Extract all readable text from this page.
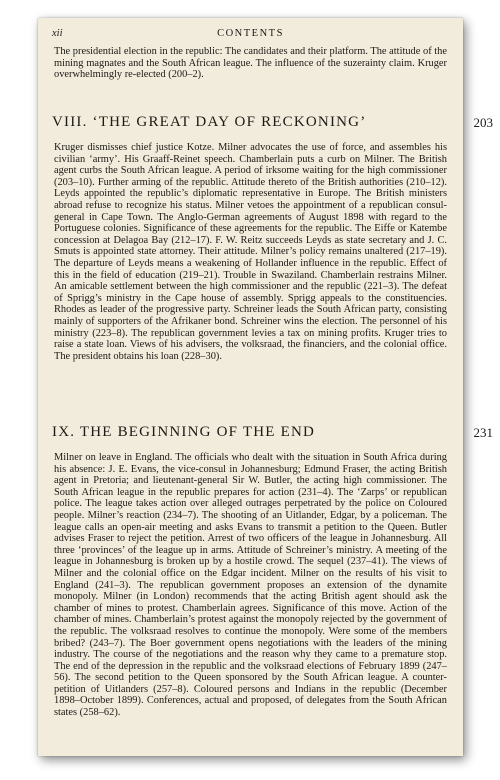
xii	CONTENTS

The presidential election in the republic: The candidates and their platform. The attitude of the mining magnates and the South African league. The influence of the suzerainty claim. Kruger overwhelmingly re-elected (200–2).

VIII. ‘THE GREAT DAY OF RECKONING’	203

Kruger dismisses chief justice Kotze. Milner advocates the use of force, and assembles his civilian ‘army’. His Graaff-Reinet speech. Chamberlain puts a curb on Milner. The British agent curbs the South African league. A period of irksome waiting for the high commissioner (203–10). Further arming of the republic. Attitude thereto of the British authorities (210–12). Leyds appointed the republic’s diplomatic representative in Europe. The British ministers abroad refuse to recognize his status. Milner vetoes the appointment of a republican consul-general in Cape Town. The Anglo-German agreements of August 1898 with regard to the Portuguese colonies. Significance of these agreements for the republic. The Eiffe or Katembe concession at Delagoa Bay (212–17). F. W. Reitz succeeds Leyds as state secretary and J. C. Smuts is appointed state attorney. Their attitude. Milner’s policy remains unaltered (217–19). The departure of Leyds means a weakening of Hollander influence in the republic. Effect of this in the field of education (219–21). Trouble in Swaziland. Chamberlain restrains Milner. An amicable settlement between the high commissioner and the republic (221–3). The defeat of Sprigg’s ministry in the Cape house of assembly. Sprigg appeals to the constituencies. Rhodes as leader of the progressive party. Schreiner leads the South African party, consisting mainly of supporters of the Afrikaner bond. Schreiner wins the election. The personnel of his ministry (223–8). The republican government levies a tax on mining profits. Kruger tries to raise a state loan. Views of his advisers, the volksraad, the financiers, and the colonial office. The president obtains his loan (228–30).

IX. THE BEGINNING OF THE END	231

Milner on leave in England. The officials who dealt with the situation in South Africa during his absence: J. E. Evans, the vice-consul in Johannesburg; Edmund Fraser, the acting British agent in Pretoria; and lieutenant-general Sir W. Butler, the acting high commissioner. The South African league in the republic prepares for action (231–4). The ‘Zarps’ or republican police. The league takes action over alleged outrages perpetrated by the police on Coloured people. Milner’s reaction (234–7). The shooting of an Uitlander, Edgar, by a policeman. The league calls an open-air meeting and asks Evans to transmit a petition to the Queen. Butler advises Fraser to reject the petition. Arrest of two officers of the league in Johannesburg. All three ‘provinces’ of the league up in arms. Attitude of Schreiner’s ministry. A meeting of the league in Johannesburg is broken up by a hostile crowd. The sequel (237–41). The views of Milner and the colonial office on the Edgar incident. Milner on the results of his visit to England (241–3). The republican government proposes an extension of the dynamite monopoly. Milner (in London) recommends that the acting British agent should ask the chamber of mines to protest. Chamberlain agrees. Significance of this move. Action of the chamber of mines. Chamberlain’s protest against the monopoly rejected by the government of the republic. The volksraad resolves to continue the monopoly. Were some of the members bribed? (243–7). The Boer government opens negotiations with the leaders of the mining industry. The course of the negotiations and the reason why they came to a premature stop. The end of the depression in the republic and the volksraad elections of February 1899 (247–56). The second petition to the Queen sponsored by the South African league. A counter-petition of Uitlanders (257–8). Coloured persons and Indians in the republic (December 1898–October 1899). Conferences, actual and proposed, of delegates from the South African states (258–62).
